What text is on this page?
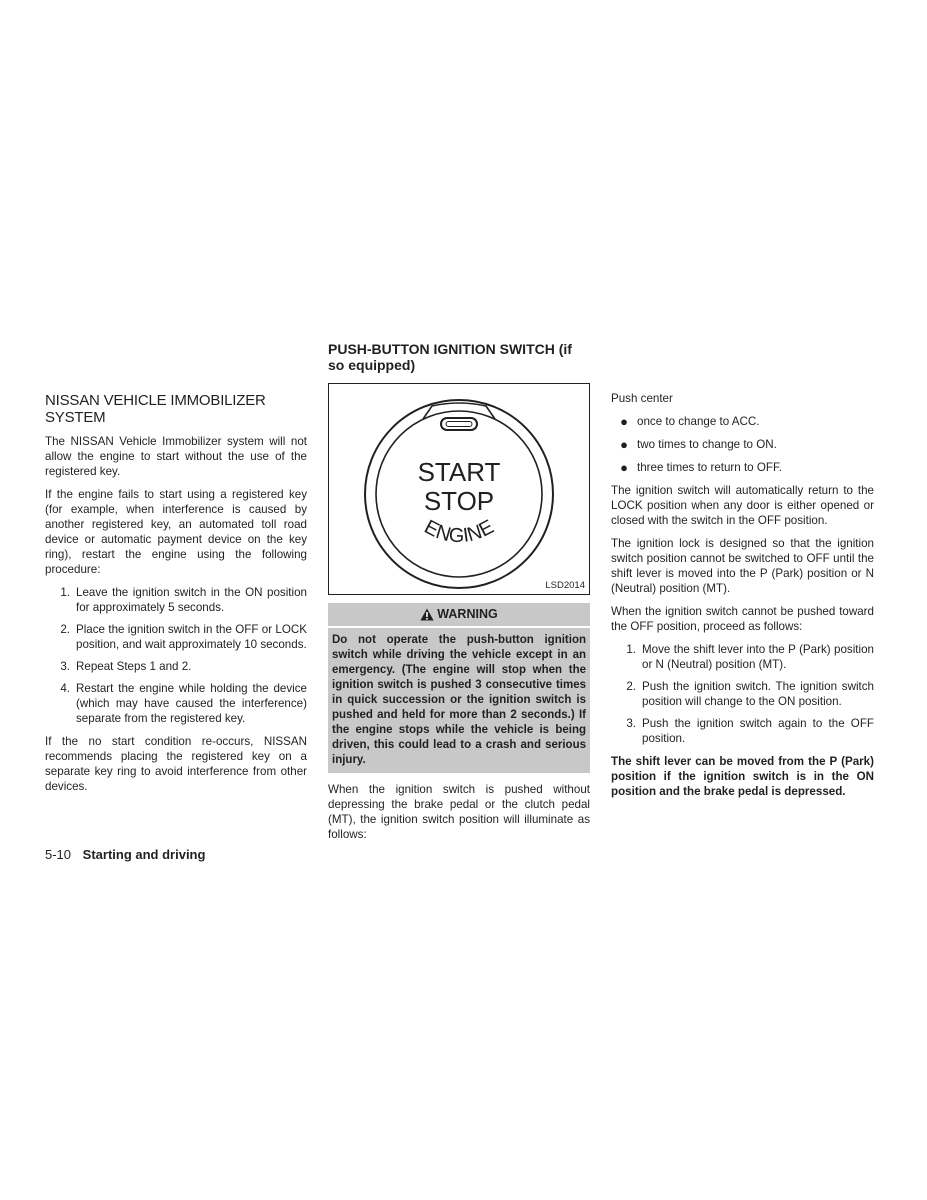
NISSAN VEHICLE IMMOBILIZER SYSTEM

The NISSAN Vehicle Immobilizer system will not allow the engine to start without the use of the registered key.

If the engine fails to start using a registered key (for example, when interference is caused by another registered key, an automated toll road device or automatic payment device on the key ring), restart the engine using the following procedure:

1. Leave the ignition switch in the ON position for approximately 5 seconds.
2. Place the ignition switch in the OFF or LOCK position, and wait approximately 10 seconds.
3. Repeat Steps 1 and 2.
4. Restart the engine while holding the device (which may have caused the interference) separate from the registered key.

If the no start condition re-occurs, NISSAN recommends placing the registered key on a separate key ring to avoid interference from other devices.

PUSH-BUTTON IGNITION SWITCH (if so equipped)
START
STOP
ENGINE
LSD2014
WARNING
Do not operate the push-button ignition switch while driving the vehicle except in an emergency. (The engine will stop when the ignition switch is pushed 3 consecutive times in quick succession or the ignition switch is pushed and held for more than 2 seconds.) If the engine stops while the vehicle is being driven, this could lead to a crash and serious injury.

When the ignition switch is pushed without depressing the brake pedal or the clutch pedal (MT), the ignition switch position will illuminate as follows:

Push center

● once to change to ACC.
● two times to change to ON.
● three times to return to OFF.

The ignition switch will automatically return to the LOCK position when any door is either opened or closed with the switch in the OFF position.

The ignition lock is designed so that the ignition switch position cannot be switched to OFF until the shift lever is moved into the P (Park) position or N (Neutral) position (MT).

When the ignition switch cannot be pushed toward the OFF position, proceed as follows:

1. Move the shift lever into the P (Park) position or N (Neutral) position (MT).
2. Push the ignition switch. The ignition switch position will change to the ON position.
3. Push the ignition switch again to the OFF position.

The shift lever can be moved from the P (Park) position if the ignition switch is in the ON position and the brake pedal is depressed.

5-10 Starting and driving
